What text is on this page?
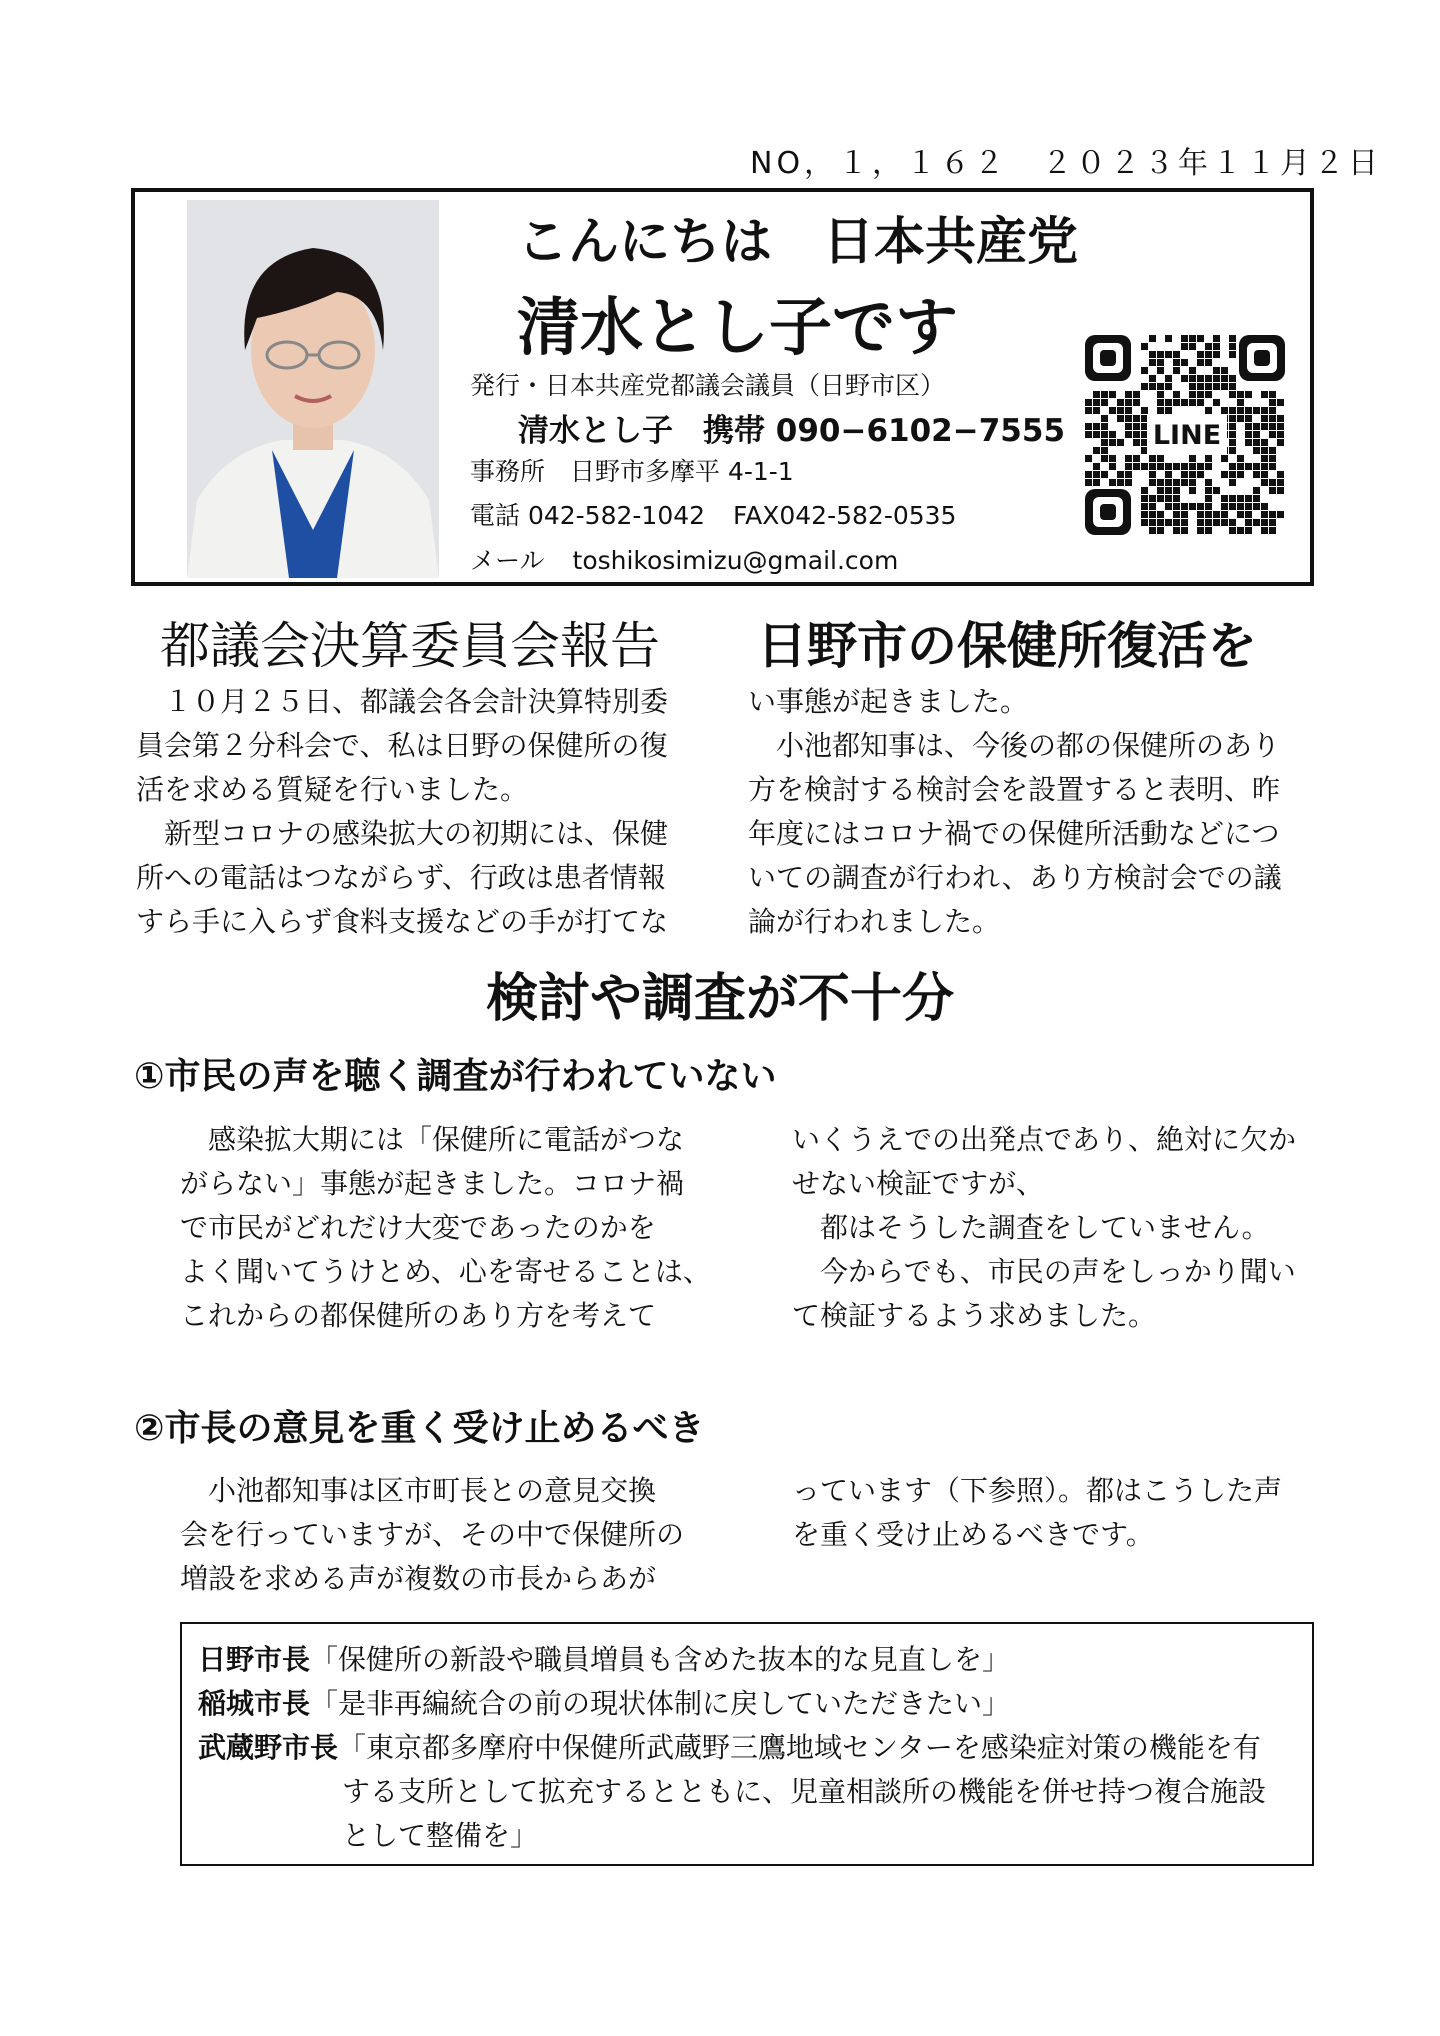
NO，１，１６２　２０２３年１１月２日
こんにちは　日本共産党
清水とし子です
発行・日本共産党都議会議員（日野市区）
清水とし子 携帯 090−6102−7555
事務所　日野市多摩平 4-1-1
電話 042-582-1042 FAX042-582-0535
メール toshikosimizu@gmail.com
LINE
都議会決算委員会報告 日野市の保健所復活を
　１０月２５日、都議会各会計決算特別委
員会第２分科会で、私は日野の保健所の復
活を求める質疑を行いました。
　新型コロナの感染拡大の初期には、保健
所への電話はつながらず、行政は患者情報
すら手に入らず食料支援などの手が打てな
い事態が起きました。
　小池都知事は、今後の都の保健所のあり
方を検討する検討会を設置すると表明、昨
年度にはコロナ禍での保健所活動などにつ
いての調査が行われ、あり方検討会での議
論が行われました。
検討や調査が不十分
①市民の声を聴く調査が行われていない
　感染拡大期には「保健所に電話がつな
がらない」事態が起きました。コロナ禍
で市民がどれだけ大変であったのかを
よく聞いてうけとめ、心を寄せることは、
これからの都保健所のあり方を考えて
いくうえでの出発点であり、絶対に欠か
せない検証ですが、
　都はそうした調査をしていません。
　今からでも、市民の声をしっかり聞い
て検証するよう求めました。
②市長の意見を重く受け止めるべき
　小池都知事は区市町長との意見交換
会を行っていますが、その中で保健所の
増設を求める声が複数の市長からあが
っています（下参照）。都はこうした声
を重く受け止めるべきです。
日野市長「保健所の新設や職員増員も含めた抜本的な見直しを」
稲城市長「是非再編統合の前の現状体制に戻していただきたい」
武蔵野市長「東京都多摩府中保健所武蔵野三鷹地域センターを感染症対策の機能を有
する支所として拡充するとともに、児童相談所の機能を併せ持つ複合施設
として整備を」
